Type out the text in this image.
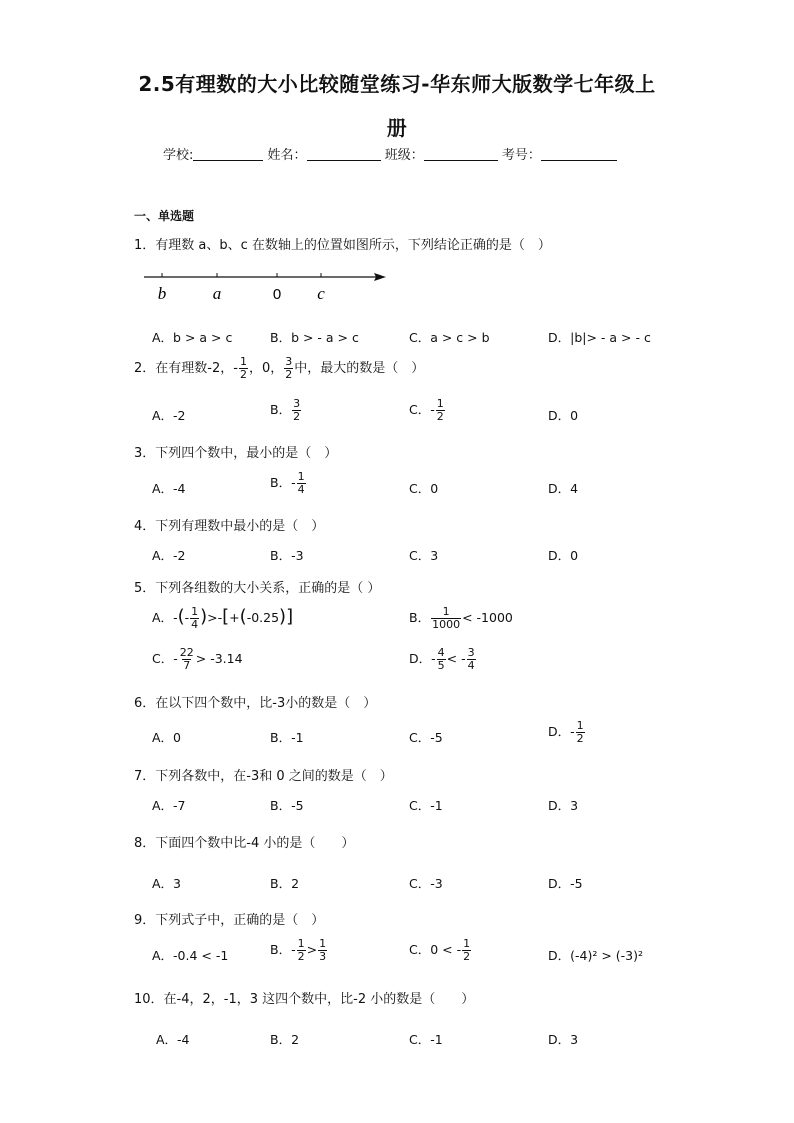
2.5有理数的大小比较随堂练习-华东师大版数学七年级上
册
学校:	姓名：	班级：	考号：
一、单选题
1．有理数 a、b、c 在数轴上的位置如图所示，下列结论正确的是（　）
b	a	0 c
A．b > a > c	B．b > - a > c	C．a > c > b	D．|b|> - a > - c
2．在有理数-2，- $\frac{1}{2}$ ，0， $\frac{3}{2}$ 中，最大的数是（　）
A．-2	B． $\frac{3}{2}$	C．- $\frac{1}{2}$	D．0
3．下列四个数中，最小的是（　）
A．-4	B．- $\frac{1}{4}$	C．0	D．4
4．下列有理数中最小的是（　）
A．-2	B．-3	C．3	D．0
5．下列各组数的大小关系，正确的是（ ）
A．-(- $\frac{1}{4} )>-[+(-0.25)]$	B． $\frac{1}{1000} < -1000$
C．- $\frac{22}{7} > -3.14$	D．- $\frac{4}{5}$ < - $\frac{3}{4}$
6．在以下四个数中，比-3小的数是（　）
A．0	B．-1	C．-5	D．- $\frac{1}{2}$
7．下列各数中，在-3和 0 之间的数是（　）
A．-7	B．-5	C．-1	D．3
8．下面四个数中比-4 小的是（　　）
A．3	B．2	C．-3	D．-5
9．下列式子中，正确的是（　）
A．-0.4 < -1	B．- $\frac{1}{2} > \frac{1}{3}$	C．0 < - $\frac{1}{2}$	D．(-4)² > (-3)²
10．在-4，2，-1，3 这四个数中，比-2 小的数是（　　）
A．-4	B．2	C．-1	D．3
